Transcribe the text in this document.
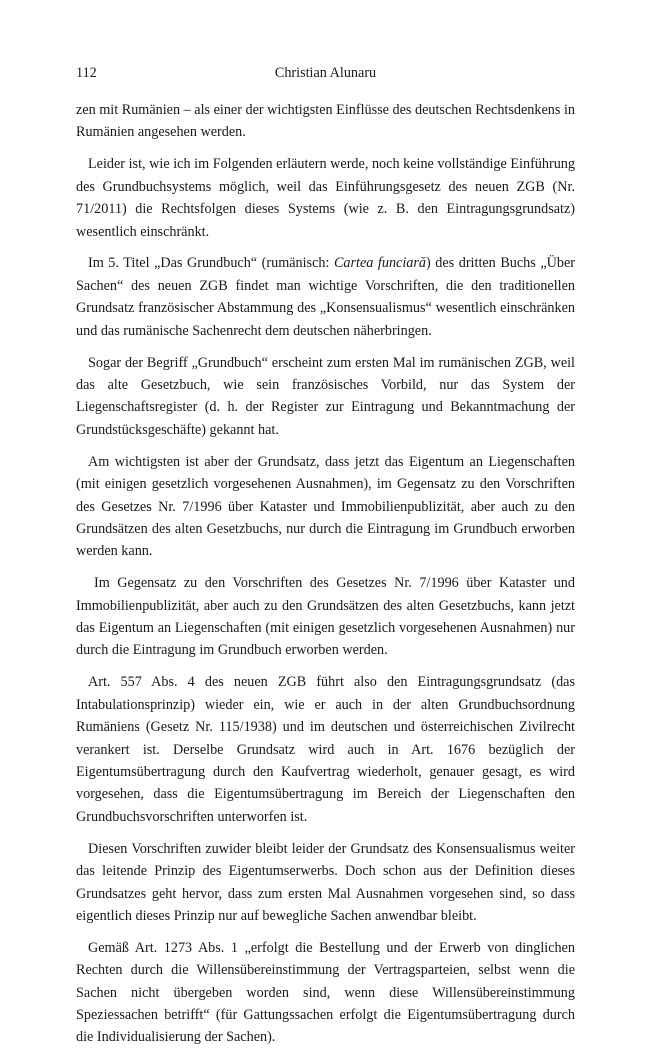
112	Christian Alunaru

zen mit Rumänien – als einer der wichtigsten Einflüsse des deutschen Rechtsdenkens in Rumänien angesehen werden.

Leider ist, wie ich im Folgenden erläutern werde, noch keine vollständige Einführung des Grundbuchsystems möglich, weil das Einführungsgesetz des neuen ZGB (Nr. 71/2011) die Rechtsfolgen dieses Systems (wie z. B. den Eintragungsgrundsatz) wesentlich einschränkt.

Im 5. Titel „Das Grundbuch“ (rumänisch: Cartea funciară) des dritten Buchs „Über Sachen“ des neuen ZGB findet man wichtige Vorschriften, die den traditionellen Grundsatz französischer Abstammung des „Konsensualismus“ wesentlich einschränken und das rumänische Sachenrecht dem deutschen näherbringen.

Sogar der Begriff „Grundbuch“ erscheint zum ersten Mal im rumänischen ZGB, weil das alte Gesetzbuch, wie sein französisches Vorbild, nur das System der Liegenschaftsregister (d. h. der Register zur Eintragung und Bekanntmachung der Grundstücksgeschäfte) gekannt hat.

Am wichtigsten ist aber der Grundsatz, dass jetzt das Eigentum an Liegenschaften (mit einigen gesetzlich vorgesehenen Ausnahmen), im Gegensatz zu den Vorschriften des Gesetzes Nr. 7/1996 über Kataster und Immobilienpublizität, aber auch zu den Grundsätzen des alten Gesetzbuchs, nur durch die Eintragung im Grundbuch erworben werden kann.

Im Gegensatz zu den Vorschriften des Gesetzes Nr. 7/1996 über Kataster und Immobilienpublizität, aber auch zu den Grundsätzen des alten Gesetzbuchs, kann jetzt das Eigentum an Liegenschaften (mit einigen gesetzlich vorgesehenen Ausnahmen) nur durch die Eintragung im Grundbuch erworben werden.

Art. 557 Abs. 4 des neuen ZGB führt also den Eintragungsgrundsatz (das Intabulationsprinzip) wieder ein, wie er auch in der alten Grundbuchsordnung Rumäniens (Gesetz Nr. 115/1938) und im deutschen und österreichischen Zivilrecht verankert ist. Derselbe Grundsatz wird auch in Art. 1676 bezüglich der Eigentumsübertragung durch den Kaufvertrag wiederholt, genauer gesagt, es wird vorgesehen, dass die Eigentumsübertragung im Bereich der Liegenschaften den Grundbuchsvorschriften unterworfen ist.

Diesen Vorschriften zuwider bleibt leider der Grundsatz des Konsensualismus weiter das leitende Prinzip des Eigentumserwerbs. Doch schon aus der Definition dieses Grundsatzes geht hervor, dass zum ersten Mal Ausnahmen vorgesehen sind, so dass eigentlich dieses Prinzip nur auf bewegliche Sachen anwendbar bleibt.

Gemäß Art. 1273 Abs. 1 „erfolgt die Bestellung und der Erwerb von dinglichen Rechten durch die Willensübereinstimmung der Vertragsparteien, selbst wenn die Sachen nicht übergeben worden sind, wenn diese Willensübereinstimmung Speziessachen betrifft“ (für Gattungssachen erfolgt die Eigentumsübertragung durch die Individualisierung der Sachen).
